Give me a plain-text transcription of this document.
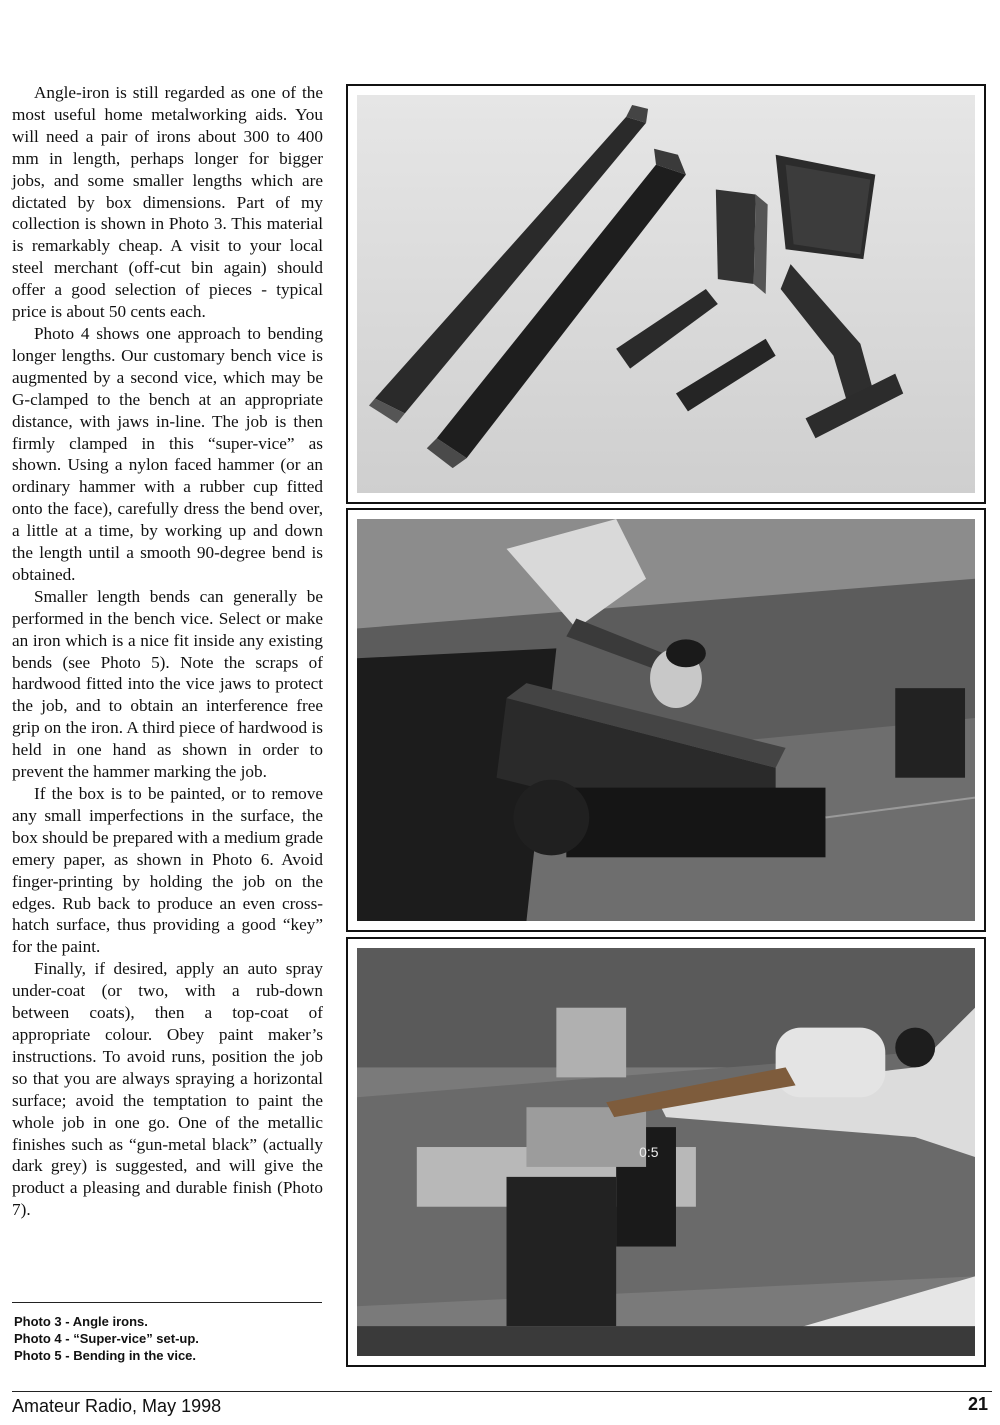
Angle-iron is still regarded as one of the most useful home metalworking aids. You will need a pair of irons about 300 to 400 mm in length, perhaps longer for bigger jobs, and some smaller lengths which are dictated by box dimensions. Part of my collection is shown in Photo 3. This material is remarkably cheap. A visit to your local steel merchant (off-cut bin again) should offer a good selection of pieces - typical price is about 50 cents each.

Photo 4 shows one approach to bending longer lengths. Our customary bench vice is augmented by a second vice, which may be G-clamped to the bench at an appropriate distance, with jaws in-line. The job is then firmly clamped in this “super-vice” as shown. Using a nylon faced hammer (or an ordinary hammer with a rubber cup fitted onto the face), carefully dress the bend over, a little at a time, by working up and down the length until a smooth 90-degree bend is obtained.

Smaller length bends can generally be performed in the bench vice. Select or make an iron which is a nice fit inside any existing bends (see Photo 5). Note the scraps of hardwood fitted into the vice jaws to protect the job, and to obtain an interference free grip on the iron. A third piece of hardwood is held in one hand as shown in order to prevent the hammer marking the job.

If the box is to be painted, or to remove any small imperfections in the surface, the box should be prepared with a medium grade emery paper, as shown in Photo 6. Avoid finger-printing by holding the job on the edges. Rub back to produce an even cross-hatch surface, thus providing a good “key” for the paint.

Finally, if desired, apply an auto spray under-coat (or two, with a rub-down between coats), then a top-coat of appropriate colour. Obey paint maker’s instructions. To avoid runs, position the job so that you are always spraying a horizontal surface; avoid the temptation to paint the whole job in one go. One of the metallic finishes such as “gun-metal black” (actually dark grey) is suggested, and will give the product a pleasing and durable finish (Photo 7).

Photo 3 - Angle irons.
Photo 4 - “Super-vice” set-up.
Photo 5 - Bending in the vice.
0:5
Amateur Radio, May 1998	21
